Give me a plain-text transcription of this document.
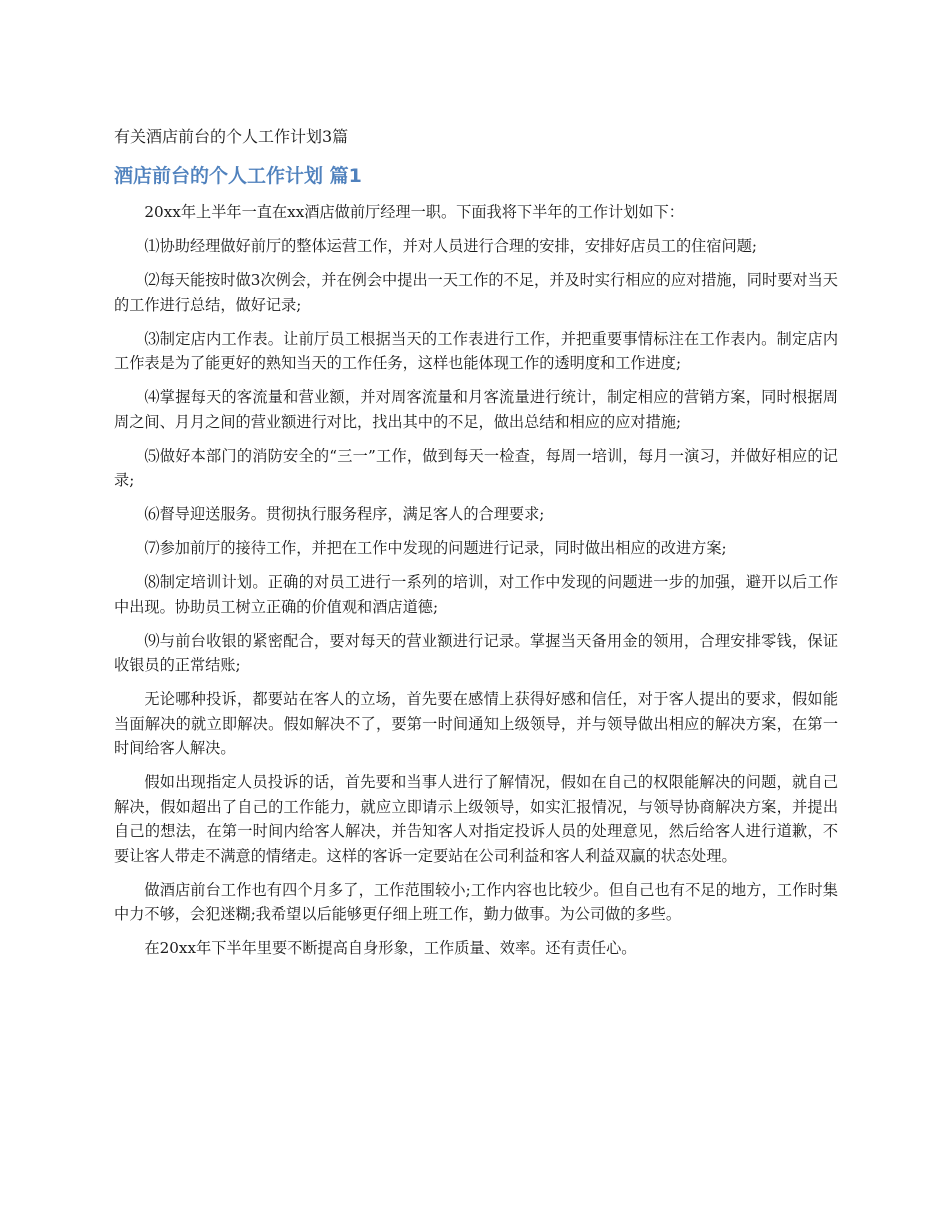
有关酒店前台的个人工作计划3篇
酒店前台的个人工作计划 篇1

20xx年上半年一直在xx酒店做前厅经理一职。下面我将下半年的工作计划如下：

⑴协助经理做好前厅的整体运营工作，并对人员进行合理的安排，安排好店员工的住宿问题;

⑵每天能按时做3次例会，并在例会中提出一天工作的不足，并及时实行相应的应对措施，同时要对当天的工作进行总结，做好记录;

⑶制定店内工作表。让前厅员工根据当天的工作表进行工作，并把重要事情标注在工作表内。制定店内工作表是为了能更好的熟知当天的工作任务，这样也能体现工作的透明度和工作进度;

⑷掌握每天的客流量和营业额，并对周客流量和月客流量进行统计，制定相应的营销方案，同时根据周周之间、月月之间的营业额进行对比，找出其中的不足，做出总结和相应的应对措施;

⑸做好本部门的消防安全的“三一”工作，做到每天一检查，每周一培训，每月一演习，并做好相应的记录;

⑹督导迎送服务。贯彻执行服务程序，满足客人的合理要求;

⑺参加前厅的接待工作，并把在工作中发现的问题进行记录，同时做出相应的改进方案;

⑻制定培训计划。正确的对员工进行一系列的培训，对工作中发现的问题进一步的加强，避开以后工作中出现。协助员工树立正确的价值观和酒店道德;

⑼与前台收银的紧密配合，要对每天的营业额进行记录。掌握当天备用金的领用，合理安排零钱，保证收银员的正常结账;

无论哪种投诉，都要站在客人的立场，首先要在感情上获得好感和信任，对于客人提出的要求，假如能当面解决的就立即解决。假如解决不了，要第一时间通知上级领导，并与领导做出相应的解决方案，在第一时间给客人解决。

假如出现指定人员投诉的话，首先要和当事人进行了解情况，假如在自己的权限能解决的问题，就自己解决，假如超出了自己的工作能力，就应立即请示上级领导，如实汇报情况，与领导协商解决方案，并提出自己的想法，在第一时间内给客人解决，并告知客人对指定投诉人员的处理意见，然后给客人进行道歉，不要让客人带走不满意的情绪走。这样的客诉一定要站在公司利益和客人利益双赢的状态处理。

做酒店前台工作也有四个月多了，工作范围较小;工作内容也比较少。但自己也有不足的地方，工作时集中力不够，会犯迷糊;我希望以后能够更仔细上班工作，勤力做事。为公司做的多些。

在20xx年下半年里要不断提高自身形象，工作质量、效率。还有责任心。
